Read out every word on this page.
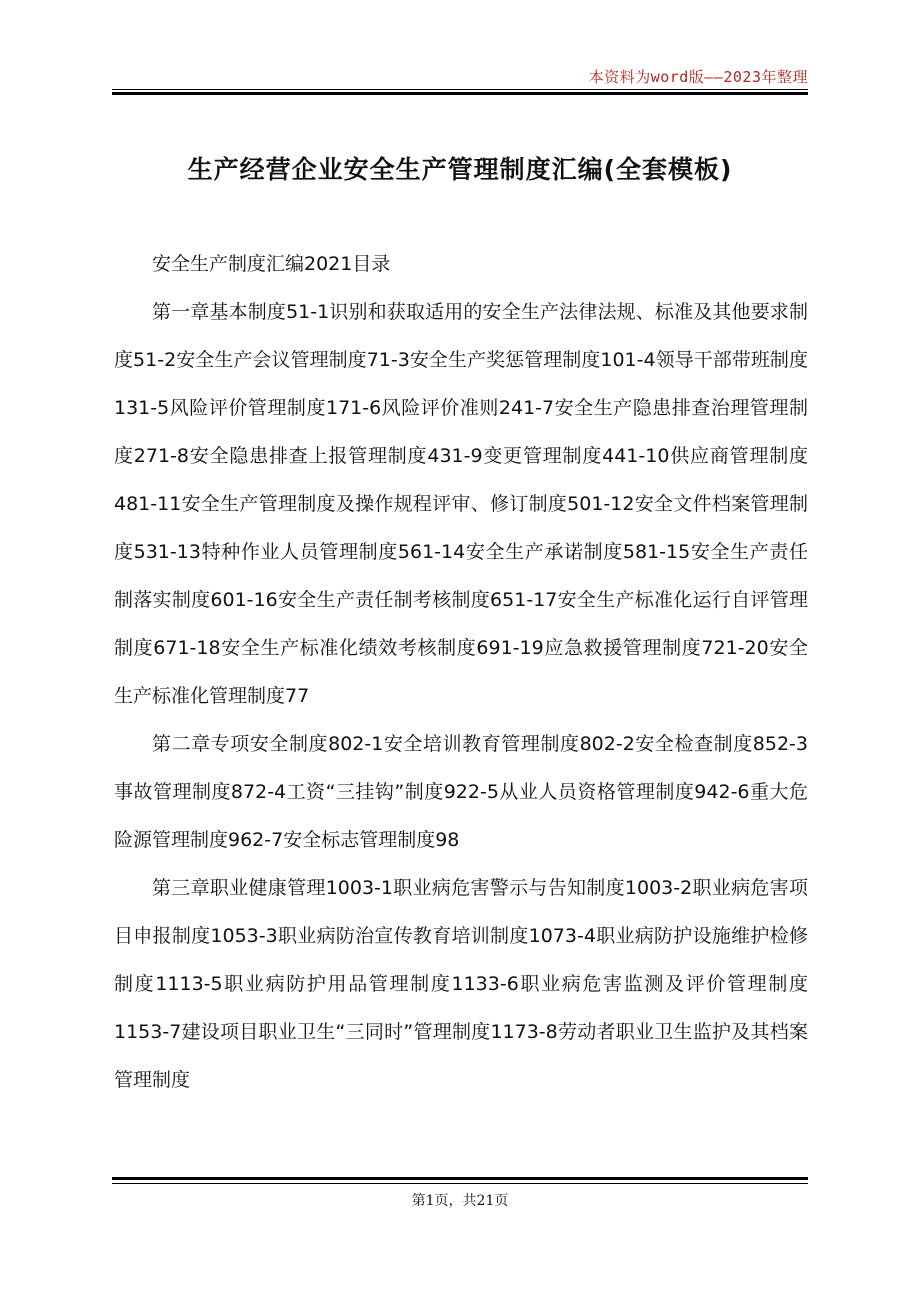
本资料为word版——2023年整理
生产经营企业安全生产管理制度汇编(全套模板)

安全生产制度汇编2021目录

第一章基本制度51-1识别和获取适用的安全生产法律法规、标准及其他要求制度51-2安全生产会议管理制度71-3安全生产奖惩管理制度101-4领导干部带班制度131-5风险评价管理制度171-6风险评价准则241-7安全生产隐患排查治理管理制度271-8安全隐患排查上报管理制度431-9变更管理制度441-10供应商管理制度481-11安全生产管理制度及操作规程评审、修订制度501-12安全文件档案管理制度531-13特种作业人员管理制度561-14安全生产承诺制度581-15安全生产责任制落实制度601-16安全生产责任制考核制度651-17安全生产标准化运行自评管理制度671-18安全生产标准化绩效考核制度691-19应急救援管理制度721-20安全生产标准化管理制度77

第二章专项安全制度802-1安全培训教育管理制度802-2安全检查制度852-3事故管理制度872-4工资“三挂钩”制度922-5从业人员资格管理制度942-6重大危险源管理制度962-7安全标志管理制度98

第三章职业健康管理1003-1职业病危害警示与告知制度1003-2职业病危害项目申报制度1053-3职业病防治宣传教育培训制度1073-4职业病防护设施维护检修制度1113-5职业病防护用品管理制度1133-6职业病危害监测及评价管理制度1153-7建设项目职业卫生“三同时”管理制度1173-8劳动者职业卫生监护及其档案管理制度

第1页，共21页
